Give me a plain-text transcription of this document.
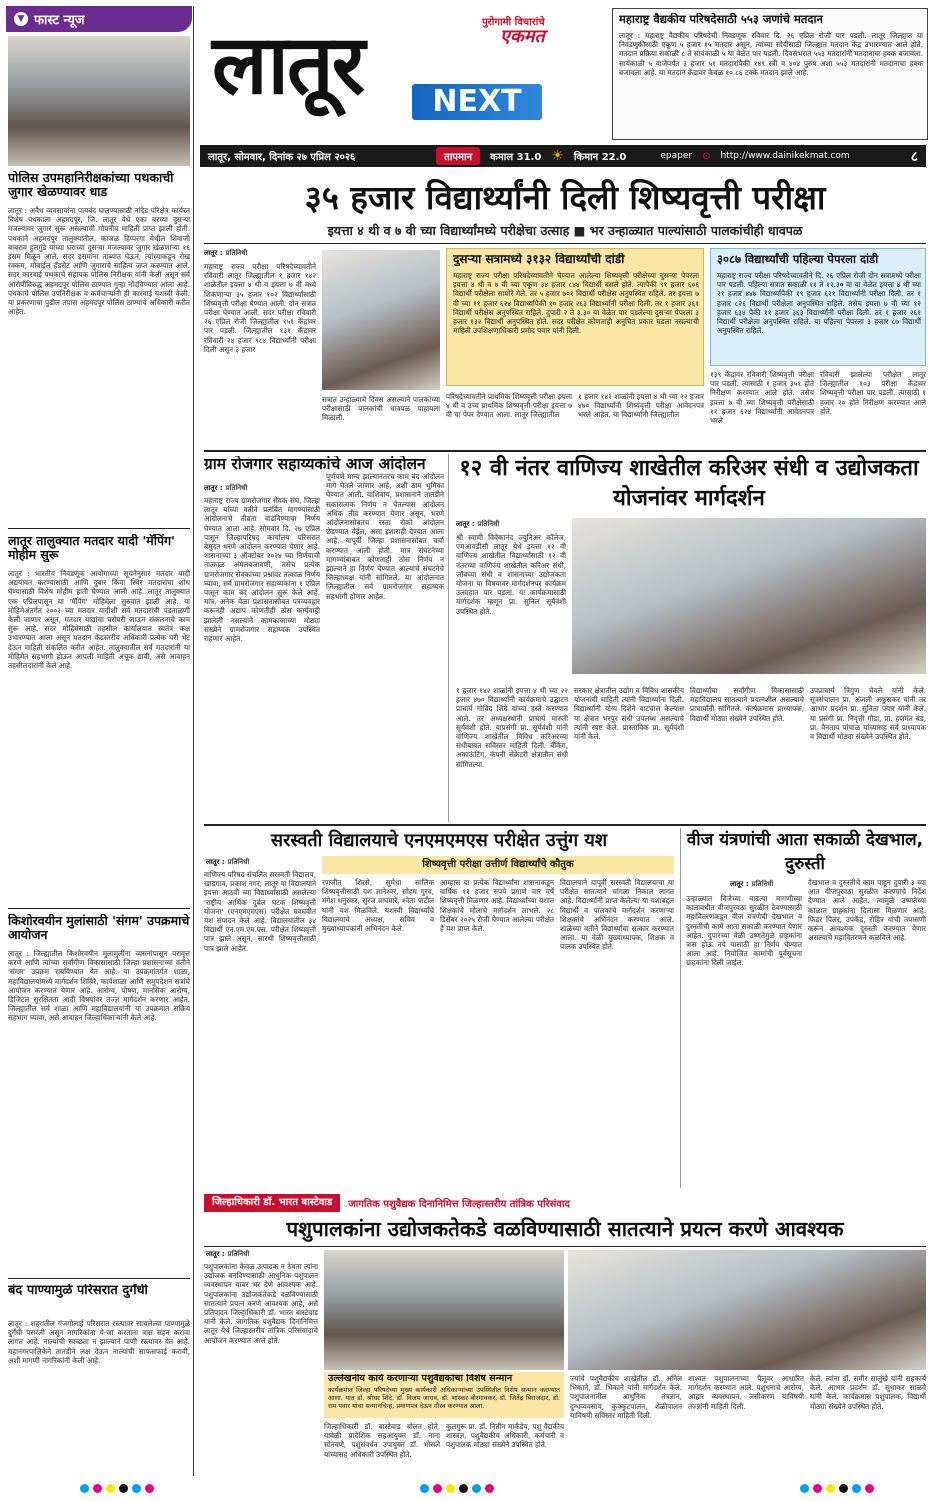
▼ फास्ट न्यूज
पोलिस उपमहानिरीक्षकांच्या पथकाची जुगार खेळण्यावर धाड
लातूर : अवैध व्यवसायांना पायबंद घालण्यासाठी नांदेड परिक्षेत्र कार्यरत विशेष पथकाला अहमदपूर, जि. लातूर येथे एका बरच्या दुसऱ्या मजल्यावर जुगार सुरू असल्याची गोपनीय माहिती प्राप्त झाली होती. पथकाने अहमदपूर तालुक्यातील, काजळ हिप्परगा येथील शिवाजी बाबराव हुलगुंडे यांच्या घराच्या दुसऱ्या मजल्यावर जुगार खेळणाऱ्या १६ इसम मिळून आले. सदर इसमांना ताब्यात घेऊन, त्यांच्याकडून रोख रक्कम, मोबाईल हँडसेट आणि जुगाराचे साहित्य जप्त करण्यात आले. सदर कारवाई पथकाचे सहायक पोलिस निरीक्षक यांनी केली असून सर्व आरोपींविरुद्ध अहमदपूर पोलिस ठाण्यात गुन्हा नोंदविण्यात आला आहे. पथकाचे पोलिस उपनिरीक्षक व कर्मचाऱ्यांनी ही कारवाई यशस्वी केली. या प्रकरणाचा पुढील तपास अहमदपूर पोलिस ठाण्याचे अधिकारी करीत आहेत.
लातूर तालुक्यात मतदार यादी 'मॅपिंग' मोहीम सुरू
लातूर : भारतीय निवडणूक आयोगाच्या सूचनेनुसार मतदार यादी अद्ययावत करण्यासाठी आणि दुबार किंवा स्थिर मतदारांचा शोध घेण्यासाठी विशेष मोहीम हाती घेण्यात आली आहे. लातूर तालुक्यात एक एप्रिलपासून या 'मॅपिंग' मोहिमेला सुरुवात झाली आहे. या मोहिमेअंतर्गत २००२ च्या मतदार यादीशी सर्व मतदारांची पडताळणी केली जाणार असून, मतदार याद्यांचा घरोघरी जाऊन संकलनाचे काम सुरू आहे. सदर मोहिमेसाठी तहसील कार्यालयात स्वतंत्र कक्ष उभारण्यात आला असून मतदान केंद्रस्तरीय अधिकारी प्रत्येक घरी भेट देऊन माहिती संकलित करीत आहेत. तालुक्यातील सर्व मतदारांनी या मोहिमेत सहभागी होऊन आपली माहिती अचूक द्यावी, असे आवाहन तहसीलदारांनी केले आहे.
किशोरवयीन मुलांसाठी 'संगम' उपक्रमाचे आयोजन
लातूर : जिल्ह्यातील किशोरवयीन मुलामुलींना व्यसनांपासून परावृत्त करणे आणि त्यांच्या सर्वांगीण विकासासाठी जिल्हा प्रशासनाच्या वतीने 'संगम' उपक्रम राबविण्यात येत आहे. या उपक्रमांतर्गत शाळा, महाविद्यालयांमध्ये मार्गदर्शन शिबिरे, कार्यशाळा आणि समुपदेशन सत्रांचे आयोजन करण्यात येणार आहे. आरोग्य, पोषण, मानसिक आरोग्य, डिजिटल सुरक्षितता आदी विषयांवर तज्ज्ञ मार्गदर्शन करणार आहेत. जिल्ह्यातील सर्व शाळा आणि महाविद्यालयांनी या उपक्रमात सक्रिय सहभाग घ्यावा, असे आवाहन जिल्हाधिकाऱ्यांनी केले आहे.
बंद पाण्यामुळे परिसरात दुर्गंधी
लातूर : शहरातील गंजगोलाई परिसरात रस्त्यावर साचलेल्या पाण्यामुळे दुर्गंधी पसरली असून नागरिकांना ये-जा करताना त्रास सहन करावा लागत आहे. नाल्यांची स्वच्छता न झाल्याने पाणी रस्त्यावर येत आहे. महानगरपालिकेने तातडीने लक्ष देऊन नाल्यांची साफसफाई करावी, अशी मागणी नागरिकांनी केली आहे.
लातूर	पुरोगामी विचारांचे
एकमत
NEXT
लातूर, सोमवार, दिनांक २७ एप्रिल २०२६	तापमान	कमाल 31.0 ☀ किमान 22.0	epaper ⊙ http://www.dainikekmat.com	८
महाराष्ट्र वैद्यकीय परिषदेसाठी ५५३ जणांचे मतदान
लातूर : महाराष्ट्र वैद्यकीय परिषदेची निवडणूक रविवार दि. २६ एप्रिल रोजी पार पडली. लातूर जिल्ह्यात या निवडणुकीसाठी एकूण ५ हजार १५ मतदार असून, त्यांच्या सोयीसाठी जिल्ह्यात मतदान केंद्र उभारण्यात आले होते. मतदान प्रक्रिया सकाळी ८ ते सायंकाळी ५ या वेळेत पार पडली. दिवसभरात ५५३ मतदारांनी मतदानाचा हक्क बजावला. सायंकाळी ५ वाजेपर्यंत ३ हजार ५१ मतदारांपैकी १४९ स्त्री व ४०४ पुरुष अशा ५५३ मतदारांनी मतदानाचा हक्क बजावला आहे. या मतदान केंद्रावर केवळ १०.८६ टक्के मतदान झाले आहे.
३५ हजार विद्यार्थ्यांनी दिली शिष्यवृत्ती परीक्षा
इयत्ता ४ थी व ७ वी च्या विद्यार्थ्यांमध्ये परीक्षेचा उत्साह ■ भर उन्हाळ्यात पाल्यांसाठी पालकांचीही धावपळ
लातूर : प्रतिनिधी
महाराष्ट्र राज्य परीक्षा परिषदेच्यावतीने रविवारी लातूर जिल्ह्यातील १ हजार १४२ शाळेतील इयत्ता ४ थी व इयत्ता ७ वी मध्ये शिकणाऱ्या ३५ हजार १०२ विद्यार्थ्यांसाठी शिष्यवृत्ती परीक्षा घेण्यात आली. दोन सत्रात परीक्षा घेण्यात आली. सदर परीक्षा रविवारी २६ एप्रिल रोजी जिल्ह्यातील १५१ केंद्रांवर पार पडली. जिल्ह्यातील १३१ केंद्रावर रविवारी २४ हजार ९८४ विद्यार्थ्यांनी परीक्षा दिली असून ३ हजार
सत्रात उन्हाळ्याचे दिवस असल्याने पालकांच्या परीक्षासाठी पालकांची धावपळ पाहायला मिळाली.
दुसऱ्या सत्रामध्ये ३१३२ विद्यार्थ्यांची दांडी
महाराष्ट्र राज्य परीक्षा परिषदेच्यावतीने घेण्यात आलेल्या शिष्यवृत्ती परीक्षेच्या दुसऱ्या पेपरला इयत्ता ४ थी व ७ वी च्या एकूण ३४ हजार ८४४ विद्यार्थी बसले होते. त्यापैकी ९१ हजार ६०६ विद्यार्थी परीक्षेला सामोरे गेले. तर ५ हजार ७०१ विद्यार्थी परीक्षेस अनुपस्थित राहिले. तर इयत्ता ७ वी च्या ११ हजार ६२४ विद्यार्थ्यांपैकी १० हजार २६३ विद्यार्थ्यांनी परीक्षा दिली. तर १ हजार ३६१ विद्यार्थी परीक्षेस अनुपस्थित राहिले. दुपारी २ ते ३.३० या वेळेत पार पडलेल्या दुसऱ्या पेपरला ३ हजार १३२ विद्यार्थी अनुपस्थित होते. सदर परीक्षेत कोणताही अनुचित प्रकार घडला नसल्याची माहिती उपशिक्षणाधिकारी प्रमोद पवार यांनी दिली.
३०८७ विद्यार्थ्यांची पहिल्या पेपरला दांडी
महाराष्ट्र राज्य परीक्षा परिषदेच्यावतीने दि. २६ एप्रिल रोजी दोन सत्रामध्ये परीक्षा पार पडली. पहिल्या सत्रात सकाळी ११ ते १२.३० वा या वेळेत इयत्ता ४ थी च्या २१ हजार ४४७ विद्यार्थ्यांपैकी १९ हजार ६२१ विद्यार्थ्यांनी परीक्षा दिली. तर १ हजार ८२६ विद्यार्थी परीक्षेला अनुपस्थित राहिले. तसेच इयत्ता ७ वी च्या १२ हजार ६३४ पैकी ११ हजार ३६३ विद्यार्थ्यांनी परीक्षा दिली. तर १ हजार २६१ विद्यार्थी परीक्षेला अनुपस्थित राहिले. या पहिल्या पेपरला ३ हजार ८७ विद्यार्थी अनुपस्थित राहिले.
परिषदेच्यावतीने प्राथमिक शिष्यवृत्ती परीक्षा इयत्ता ४ थी व उच्च प्राथमिक शिष्यवृत्ती परीक्षा इयत्ता ७ वी चा पेपर देण्यात आला. लातूर जिल्ह्यातील
१ हजार १४२ शाळांनी इयत्ता ४ थी च्या २२ हजार ४७० विद्यार्थ्यांनी शिष्यवृत्ती परीक्षा आवेदनपत्र भरले आहेत. या विद्यार्थ्यांनी जिल्ह्यातील
१३९ केंद्रावर रविवारी शिष्यवृत्ती परीक्षा पार पडली. त्यासाठी १ हजार ३५१ होते निरीक्षण करण्यात आले होते. तसेच इयत्ता ७ वी च्या शिष्यवृत्ती परीक्षेसाठी ११ हजार ६२४ विद्यार्थ्यांनी आवेदनपत्र भरले
रविवारी झालेल्या परीक्षेत लातूर जिल्ह्यातील १०३ परीक्षा केंद्रावर शिष्यवृत्ती परीक्षा पार पडली. त्यासाठी १ हजार २० होते निरीक्षण करण्यात आले होते.
ग्राम रोजगार सहाय्यकांचे आज आंदोलन
लातूर : प्रतिनिधी
महाराष्ट्र राज्य ग्रामरोजगार सेवक संघ, जिल्हा लातूर यांच्या वतीने प्रलंबित मागण्यांसाठी आंदोलनाचे तीव्रता वाढविण्याचा निर्णय घेण्यात आला आहे. सोमवार दि. २७ एप्रिल पासून जिल्हापरिषद कार्यालय परिसरात बेमुदत धरणे आंदोलन करण्यात येणार आहे. शासनाच्या ३ ऑक्टोबर २०२४ च्या निर्णयाची तात्काळ अंमलबजावणी, तसेच प्रत्येक ग्रामरोजगार सेवकांच्या प्रश्नांवर तत्काळ निर्णय घ्यावा, सर्व ग्रामरोजगार सहाय्यकांना १ एप्रिल पासून काम बंद आंदोलन सुरू केले आहे. मात्र, अनेक वेळा प्रशासनासोबत पत्रव्यवहार करूनही अद्याप कोणतीही ठोस कार्यवाही झालेली नसल्याने कामकाजाच्या मोठ्या संख्येने ग्रामरोजगार सहाय्यक उपस्थित राहणार आहेत.
पूर्णपणे मान्य झाल्यानंतरच काम बंद आंदोलन मागे घेतले जाणार आहे, अशी ठाम भूमिका घेण्यात आली. याशिवाय, प्रशासनाने तातडीने सकारात्मक निर्णय न घेतल्यास आंदोलन अधिक तीव्र करण्यात येणार असून, भरणे आंदोलनासोबतच रस्ता रोको आंदोलन छेडण्यात येईल, असा इशाराही देण्यात आला आहे. यापूर्वी जिल्हा प्रशासनासोबत चर्चा करण्यात आली होती. मात्र संघटनेच्या मागण्यांबाबत कोणताही ठोस निर्णय न झाल्याने हा निर्णय घेण्यात आल्याचे संघटनेचे जिल्हाध्यक्ष यांनी सांगितले. या आंदोलनात जिल्ह्यातील सर्व ग्रामरोजगार सहाय्यक सहभागी होणार आहेत.
१२ वी नंतर वाणिज्य शाखेतील करिअर संधी व उद्योजकता योजनांवर मार्गदर्शन
लातूर : प्रतिनिधी
श्री स्वामी विवेकानंद ज्युनिअर कॉलेज, एमआयडीसी लातूर येथे इयत्ता १२ वी वाणिज्य शाखेतील विद्यार्थ्यांसाठी १२ वी नंतरच्या वाणिज्य शाखेतील करिअर संधी, जॉबच्या संधी व शासनाच्या उद्योजकता योजना या विषयावर मार्गदर्शनपर कार्यक्रम उत्साहात पार पडला. या कार्यक्रमासाठी मार्गदर्शक म्हणून प्रा. सुनिल सूर्यवंशी उपस्थित होते.
१ हजार १४२ शाळांनी इयत्ता ४ थी च्या २२ हजार ४७० विद्यार्थ्यांनी कार्यक्रमाचे उद्घाटन प्राचार्य गोविंद शिंदे यांच्या हस्ते करण्यात आले. तर अध्यक्षस्थानी प्राचार्य मारुती सूर्यवंशी होते. याप्रसंगी प्रा. सूर्यवंशी यांनी वाणिज्य शाखेतील विविध करिअरच्या संधीबाबत सविस्तर माहिती दिली. बँकिंग, अकाऊंटिंग, कंपनी सेक्रेटरी क्षेत्रातील संधी सांगितल्या.
सरकार क्षेत्रातील उद्योग व विविध शासकीय योजनांची माहिती त्यांनी विद्यार्थ्यांना दिली. विद्यार्थ्यांनी योग्य दिशेने वाटचाल केल्यास या क्षेत्रात भरपूर संधी उपलब्ध असल्याचे त्यांनी स्पष्ट केले. प्रास्ताविक प्रा. सूर्यवंशी यांनी केले.
विद्यार्थ्यांचा सर्वांगीण विकासासाठी महाविद्यालय सातत्याने प्रयत्नशील असल्याचे प्राचार्यांनी सांगितले. कार्यक्रमास प्राध्यापक, विद्यार्थी मोठ्या संख्येने उपस्थित होते.
उपप्राचार्य त्रिगुण चेवले यांनी केले. सूत्रसंचालन प्रा. अंजली अकुसकर यांनी तर आभार प्रदर्शन प्रा. सुनिता पवार यांनी केले. या प्रसंगी प्रा. निवृत्ती गौडा, प्रा. हणमंत बंड, प्रा. वैनताय पांचाळ यांच्यासह सर्व प्राध्यापक व विद्यार्थी मोठ्या संख्येने उपस्थित होते.
सरस्वती विद्यालयाचे एनएमएमएस परीक्षेत उत्तुंग यश
लातूर : प्रतिनिधी
वाणिज्य परिषद संचलित सरस्वती विद्यालय, खाडगाव, प्रकाश नगर, लातूर या विद्यालयाने इयत्ता आठवी च्या विद्यार्थ्यांसाठी असलेल्या 'राष्ट्रीय आर्थिक दुर्बल घटक शिष्यवृत्ती योजना' (एनएमएमएस) परीक्षेत घवघवीत यश संपादन केले आहे. विद्यालयातील ३४ विद्यार्थी एन.एम.एम.एस. परीक्षेत शिष्यवृत्ती पात्र झाले असून, सारथी शिष्यवृत्तीसाठी पात्र झाले आहेत.
शिष्यवृत्ती परीक्षा उत्तीर्ण विद्यार्थ्यांचे कौतुक
रणजीत शिरसे, सुमेधा सालिक शिष्यवृत्तीसाठी यश ज्ञानेश्वर, सोहम गुरव, मंगेश धनुरकर, सुरज वाघमारे, श्वेता पाटील यांनी यश मिळविले. यशस्वी विद्यार्थ्यांचे विद्यालयाचे अध्यक्ष, सचिव व मुख्याध्यापकांनी अभिनंदन केले.
आम्हास या प्रत्येक विद्यार्थ्यांना शासनाकडून वार्षिक १२ हजार रुपये प्रमाणे चार वर्षे शिष्यवृत्ती मिळणार आहे. विद्यार्थ्यांच्या यशात शिक्षकांचे मोलाचे मार्गदर्शन लाभले. २८ डिसेंबर २०२५ रोजी घेण्यात आलेल्या परीक्षेत हे यश प्राप्त केले.
विद्यालयाने यापूर्वी सरस्वती विद्यालयाचा या परीक्षेत सातत्याने चांगला निकाल लागत आहे. विद्यार्थ्यांनी प्राप्त केलेल्या या यशाबद्दल विद्यार्थी व पालकांचे मार्गदर्शन करणाऱ्या शिक्षकांचे अभिनंदन करण्यात आले. शाळेच्या वतीने विद्यार्थ्यांचा सत्कार करण्यात आला. या वेळी मुख्याध्यापक, शिक्षक व पालक उपस्थित होते.
वीज यंत्रणांची आता सकाळी देखभाल, दुरुस्ती
लातूर : प्रतिनिधी
उन्हाळ्यात विजेच्या वाढत्या मागणीच्या कालावधीत वीजपुरवठा सुरळीत ठेवण्यासाठी महावितरणकडून वीज यंत्रणेची देखभाल व दुरुस्तीची कामे आता सकाळी करण्यात येणार आहेत. दुपारच्या वेळी उष्णतेमुळे ग्राहकांना त्रास होऊ नये यासाठी हा निर्णय घेण्यात आला आहे. नियोजित कामांची पूर्वसूचना ग्राहकांना दिली जाईल.
देखभाल व दुरुस्तीचे काम पाहून दुपारी ३ च्या आत वीजपुरवठा सुरळीत करण्याचे निर्देश देण्यात आले आहेत. त्यामुळे उष्णतेच्या काळात ग्राहकांना दिलासा मिळणार आहे. फिडर पिलर, उपकेंद्र, रोहित्र यांची तपासणी करून आवश्यक दुरुस्ती करण्यात येणार असल्याचे महावितरणने कळविले आहे.
जिल्हाधिकारी डॉ. भारत बास्टेवाड	जागतिक पशुवैद्यक दिनानिमित्त जिल्हास्तरीय तांत्रिक परिसंवाद
पशुपालकांना उद्योजकतेकडे वळविण्यासाठी सातत्याने प्रयत्न करणे आवश्यक
लातूर : प्रतिनिधी
पशुपालकांना केवळ उत्पादक न ठेवता त्यांना उद्योजक बनविण्यासाठी आधुनिक पशुपालन व्यवस्थापन यावर भर देणे आवश्यक आहे. पशुपालकांना उद्योजकतेकडे वळविण्यासाठी सातत्याने प्रयत्न करणे आवश्यक आहे, असे प्रतिपादन जिल्हाधिकारी डॉ. भारत बास्टेवाड यांनी केले. जागतिक पशुवैद्यक दिनानिमित्त लातूर येथे जिल्हास्तरीय तांत्रिक परिसंवादाचे आयोजन करण्यात आले होते.
उल्लेखनीय कार्य करणाऱ्या पशुवैद्यकांचा विशेष सन्मान
कार्यक्रमात जिल्हा परिषदेच्या मुख्य कार्यकारी अधिकाऱ्यांच्या उपस्थितीत विशेष सन्मान करण्यात आला. यात डॉ. श्रीधर शिंदे, डॉ. विजय जाधव, डॉ. भास्कर बोरगावकर, डॉ. जितेंद्र बिराजदार, डॉ. राम पवार यांचा सन्मानचिन्ह, प्रमाणपत्र देऊन गौरव करण्यात आला.
जिल्हाधिकारी डॉ. बास्टेवाड बोलत होते. यावेळी प्रादेशिक सहआयुक्त डॉ. नाना सोनवणे, पशुसंवर्धन उपायुक्त डॉ. भोसले यांच्यासह अधिकारी उपस्थित होते.
कुलगुरू प्रा. डॉ. नितीन मार्कंडेय, पशु वैद्यकीय शास्त्रज्ञ, पशुवैद्यकीय अधिकारी, कर्मचारी व पशुपालक मोठ्या संख्येने उपस्थित होते.
ज्यांचे पशुवैद्यकीय शाखेतील डॉ. अनिल भिकाने, डॉ. भिकाने यांनी मार्गदर्शन केले. पशुपालनातील आधुनिक तंत्रज्ञान, दुग्धव्यवसाय, कुक्कुटपालन, शेळीपालन याविषयी सविस्तर माहिती दिली.
शाश्वत पशुपालनाच्या पैलूवर आधारित मार्गदर्शन करण्यात आले. पशुधनाचे आरोग्य, आहार व्यवस्थापन, लसीकरण याविषयी तज्ज्ञांनी माहिती दिली.
केले. त्यांना डॉ. समीर सालुंखे यांनी सहकार्य केले. आभार प्रदर्शन डॉ. सुधाकर साळवे यांनी केले. कार्यक्रमास पशुपालक, विद्यार्थी मोठ्या संख्येने उपस्थित होते.
